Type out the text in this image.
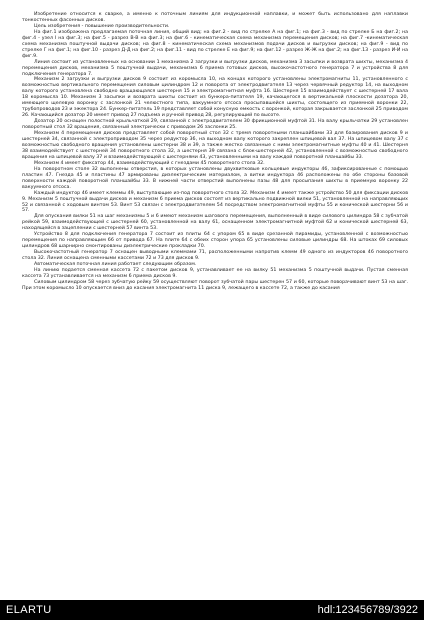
Изобретение относится к сварке, а именно к поточным линиям для индукционной наплавки, и может быть использовано для наплавки тонкостенных фасонных дисков.

Цель изобретения - повышение производительности.

На фиг.1 изображена предлагаемая поточная линия, общий вид; на фиг.2 - вид по стрелке А на фиг.1; на фиг.3 - вид по стрелке Б на фиг.2; на фиг.4 - узел I на фиг.3; на фиг.5 - разрез В-В на фиг.3; на фиг.6 - кинематическая схема механизма перемещения дисков; на фиг.7 -кинематическая схема механизма поштучной выдачи дисков; на фиг.8 - кинематическая схема механизмов подачи дисков и выгрузки дисков; на фиг.9 - вид по стрелке Г на фиг.1; на фиг.10 - разрез Д-Д на фиг.2; на фиг.11 - вид по стрелке Е на фиг.9; на фиг.12 - разрез Ж-Ж на фиг.2; на фиг.13 - разрез И-И на фиг.9.

Линия состоит из установленных на основании 1 механизма 2 загрузки и выгрузки дисков, механизма 3 засыпки и возврата шихты, механизма 4 перемещения дисков, механизма 5 поштучной выдачи, механизма 6 приема готовых дисков, высокочастотного генератора 7 и устройства 8 для подключения генератора 7.

Механизм 2 загрузки и выгрузки дисков 9 состоит из коромысла 10, на концах которого установлены электромагниты 11, установленного с возможностью вертикального перемещения силовым цилиндром 12 и поворота от электродвигателя 13 через червячный редуктор 14, на выходном валу которого установлена свободно вращающаяся шестерня 15 и электромагнитная муфта 16. Шестерня 15 взаимодействует с шестерней 17 вала 18 коромысла 10. Механизм 3 засыпки и возврата шихты состоит из бункера-питателя 19, качающегося в вертикальной плоскости дозатора 20, имеющего щелевую воронку с заслонкой 21 челюстного типа, вакуумного отсоса просыпавшейся шихты, состоящего из приемной воронки 22, трубопроводов 23 и эжектора 24. Бункер-питатель 19 представляет собой конусную емкость с воронкой, которая закрывается заслонкой 25 приводом 26. Качающийся дозатор 20 имеет привод 27 подъема и ручной привод 28, регулирующий по высоте.

Дозатор 20 оснащен полостной крыльчаткой 29, связанной с электродвигателем 30 фрикционной муфтой 31. На валу крыльчатки 29 установлен поворотный стол 32 вращения, связанный электрически с приводом 26 заслонки 25.

Механизм 4 перемещения дисков представляет собой поворотный стол 32 с тремя поворотными планшайбами 33 для базирования дисков 9 и шестерней 34, связанной с электроприводом 35 через редуктор 36, на выходном валу которого закреплен шпицевой вал 37. На шпицевом валу 37 с возможностью свободного вращения установлены шестерни 38 и 39, а также жестко связанные с ними электромагнитные муфты 40 и 41. Шестерня 38 взаимодействует с шестерней 34 поворотного стола 32, а шестерня 39 связана с блок-шестерней 42, установленной с возможностью свободного вращения на шпицевой валу 37 и взаимодействующей с шестернями 43, установленными на валу каждой поворотной планшайбы 33.

Механизм 4 имеет фиксатор 44, взаимодействующий с гнездами 45 поворотного стола 32.

На поворотном столе 32 выполнены отверстия, в которых установлены двухвитковые кольцевые индукторы 46, зафиксированные с помощью пластин 47. Гнезда 45 и пластины 47 армированы диэлектрическим материалом, а витки индуктора 46 расположены по обе стороны базовой поверхности каждой поворотной планшайбы 33. В нижней части отверстий выполнены пазы 48 для просыпания шихты в приемную воронку 22 вакуумного отсоса.

Каждый индуктор 46 имеет клеммы 49, выступающие из-под поворотного стола 32. Механизм 4 имеет также устройство 50 для фиксации дисков 9. Механизм 5 поштучной выдачи дисков и механизм 6 приема дисков состоят из вертикально подвижной вилки 51, установленной на направляющих 52 и связанной с ходовым винтом 53. Винт 53 связан с электродвигателем 54 посредством электромагнитной муфты 55 и конической шестерни 56 и 57.

Для опускания вилки 51 на шаг механизмы 5 и 6 имеют механизм шагового перемещения, выполненный в виде силового цилиндра 58 с зубчатой рейкой 59, взаимодействующей с шестерней 60, установленной на валу 61, оснащенном электромагнитной муфтой 62 и конической шестерней 63, находящейся в зацеплении с шестерней 57 винта 53.

Устройство 8 для подключения генератора 7 состоит из плиты 64 с упором 65 в виде срезанной пирамиды, установленной с возможностью перемещения по направляющим 66 от привода 67. На плите 64 с обеих сторон упора 65 установлены силовые цилиндры 68. На штоках 69 силовых цилиндров 68 шарнирно смонтированы диэлектрические прокладки 70.

Высокочастотный генератор 7 оснащен выводными клеммами 71, расположенными напротив клемм 49 одного из индукторов 46 поворотного стола 32. Линия оснащена сменными кассетами 72 и 73 для дисков 9.

Автоматическая поточная линия работает следующим образом.

На линию подается сменная кассета 72 с пакетом дисков 9, устанавливает ее на вилку 51 механизма 5 поштучной выдачи. Пустая сменная кассета 73 устанавливается на механизм 6 приема дисков 9.

Силовым цилиндром 58 через зубчатую рейку 59 осуществляют поворот зубчатой пары шестерен 57 и 60, которые поворачивают винт 53 на шаг. При этом коромысло 10 опускается вниз до касания электромагнита 11 диска 9, лежащего в кассете 72, а также до касания

ELARTU	hdl:123456789/3922
